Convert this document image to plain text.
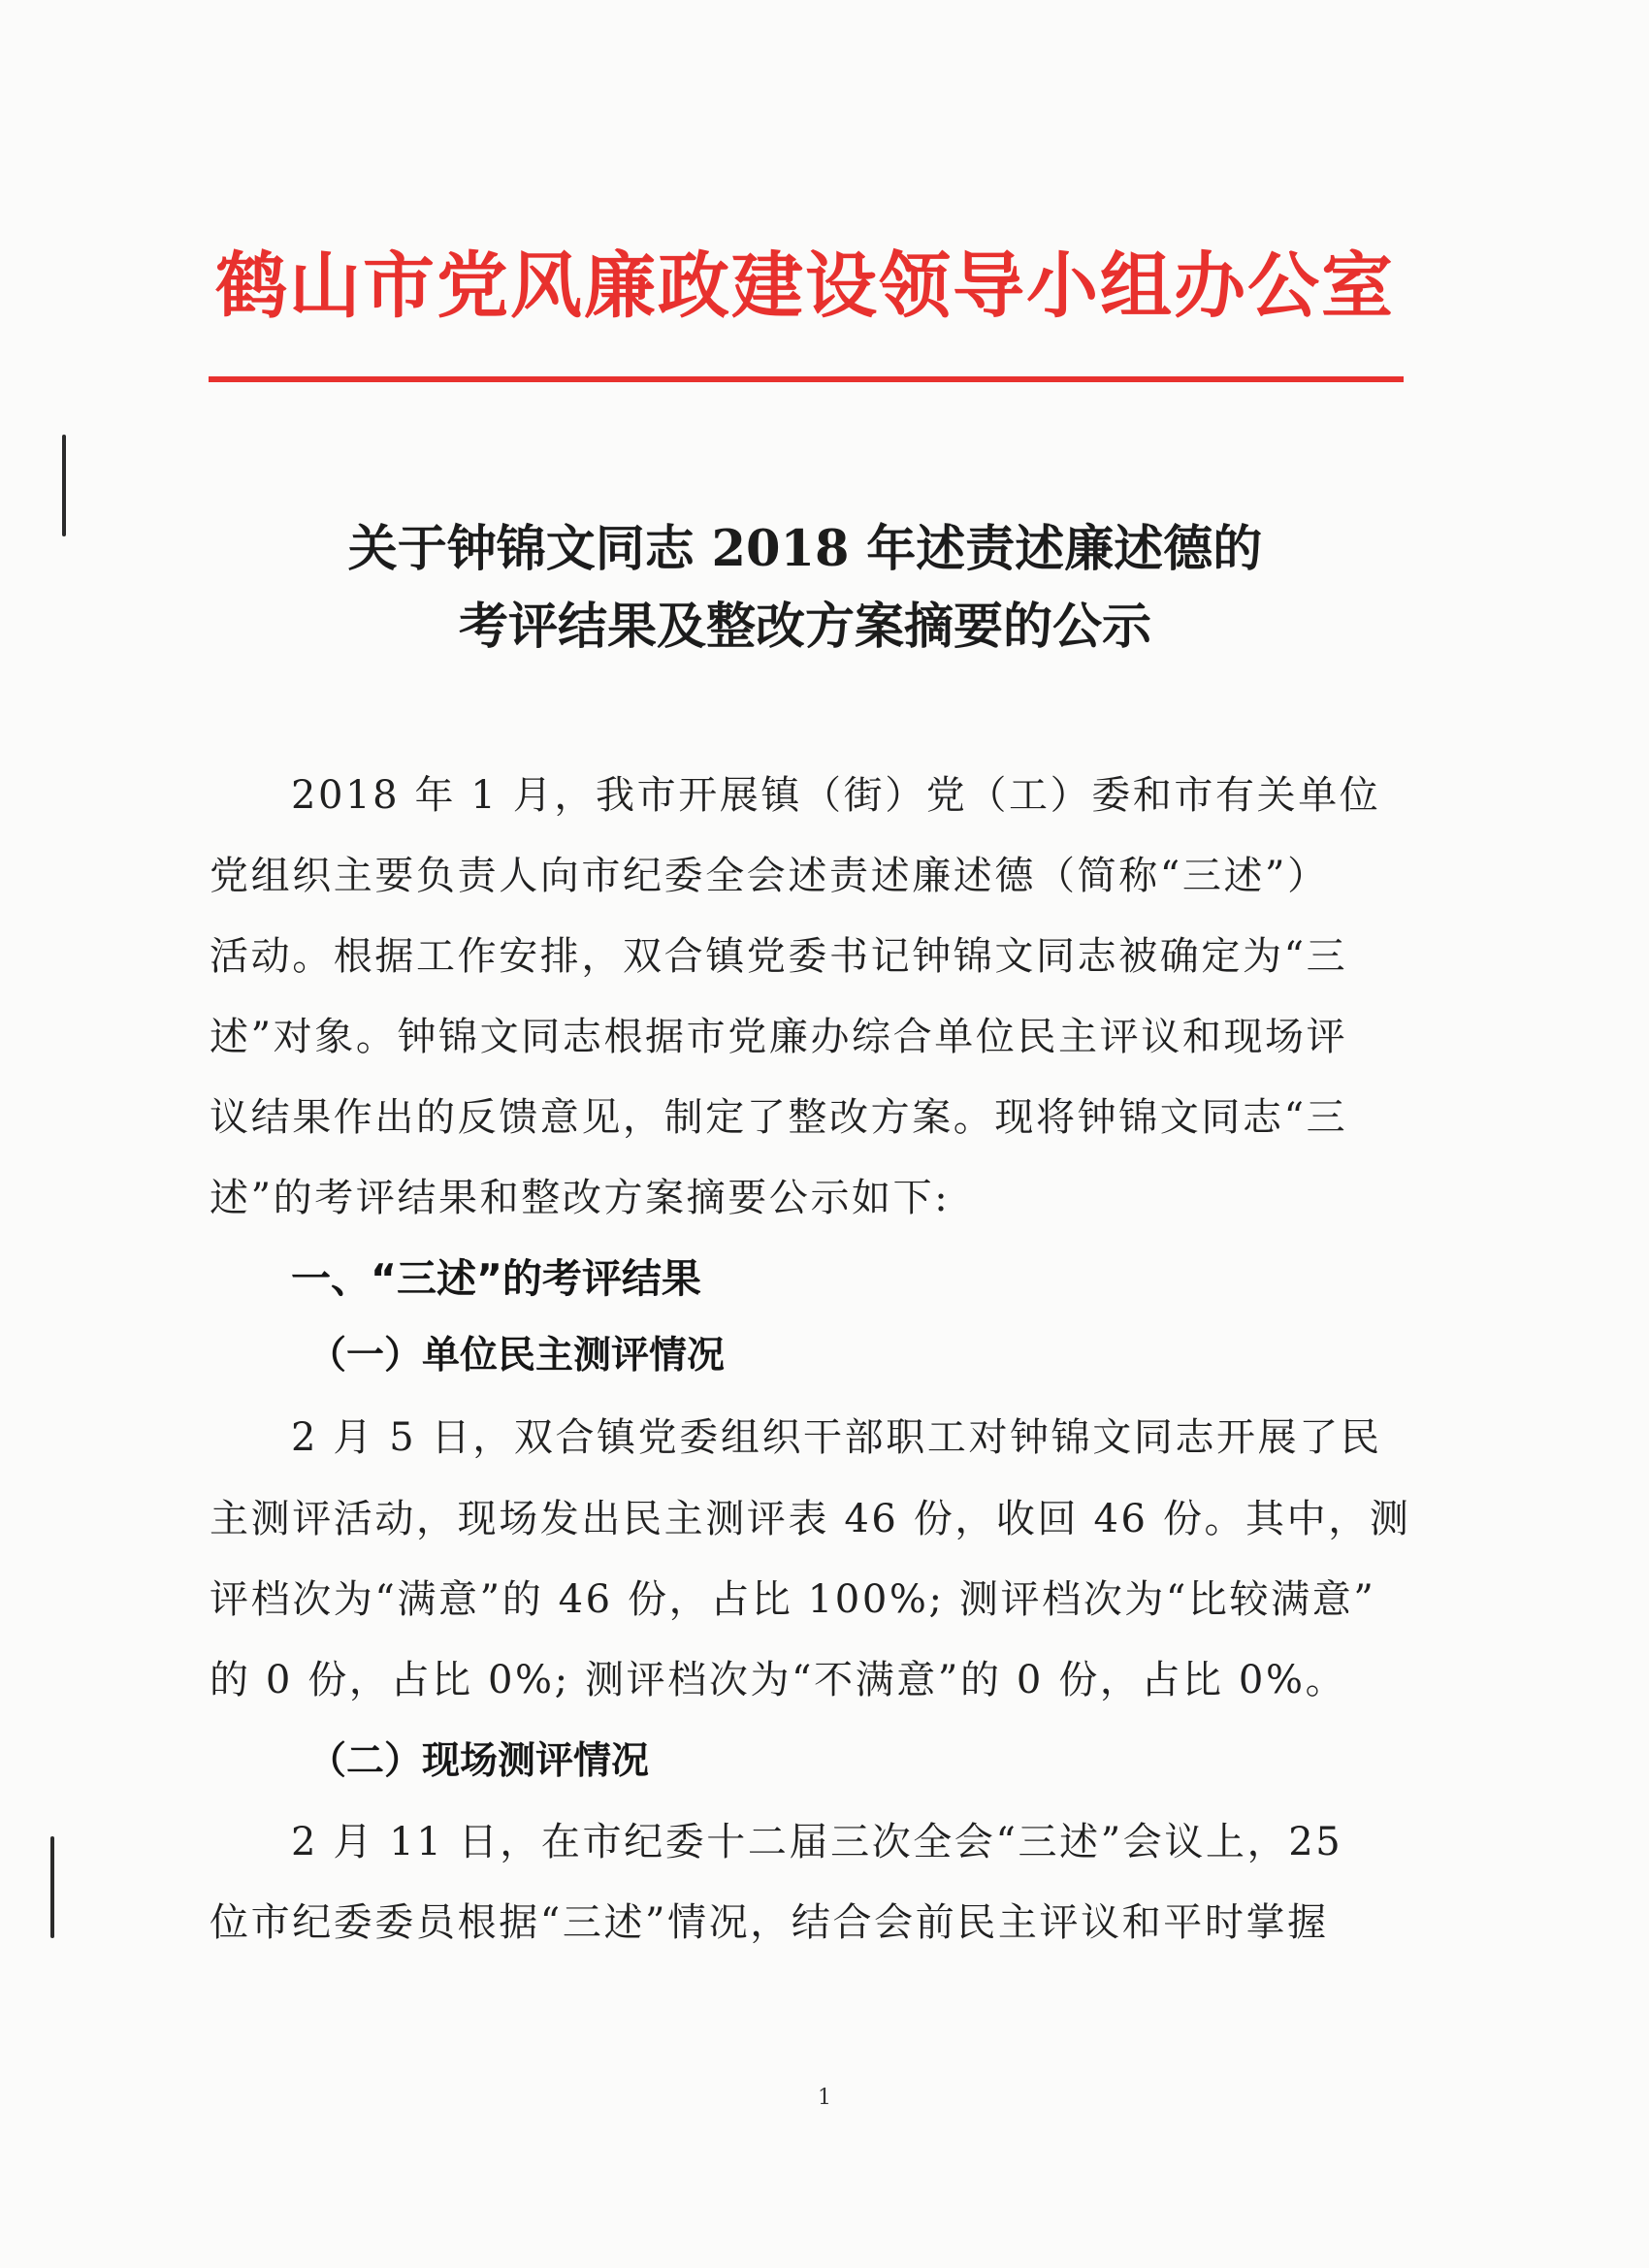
鹤山市党风廉政建设领导小组办公室
关于钟锦文同志 2018 年述责述廉述德的
考评结果及整改方案摘要的公示
2018 年 1 月，我市开展镇（街）党（工）委和市有关单位
党组织主要负责人向市纪委全会述责述廉述德（简称“三述”）
活动。根据工作安排，双合镇党委书记钟锦文同志被确定为“三
述”对象。钟锦文同志根据市党廉办综合单位民主评议和现场评
议结果作出的反馈意见，制定了整改方案。现将钟锦文同志“三
述”的考评结果和整改方案摘要公示如下:
一、“三述”的考评结果
（一）单位民主测评情况
2 月 5 日，双合镇党委组织干部职工对钟锦文同志开展了民
主测评活动，现场发出民主测评表 46 份，收回 46 份。其中，测
评档次为“满意”的 46 份，占比 100%; 测评档次为“比较满意”
的 0 份，占比 0%; 测评档次为“不满意”的 0 份，占比 0%。
（二）现场测评情况
2 月 11 日，在市纪委十二届三次全会“三述”会议上，25
位市纪委委员根据“三述”情况，结合会前民主评议和平时掌握
1
